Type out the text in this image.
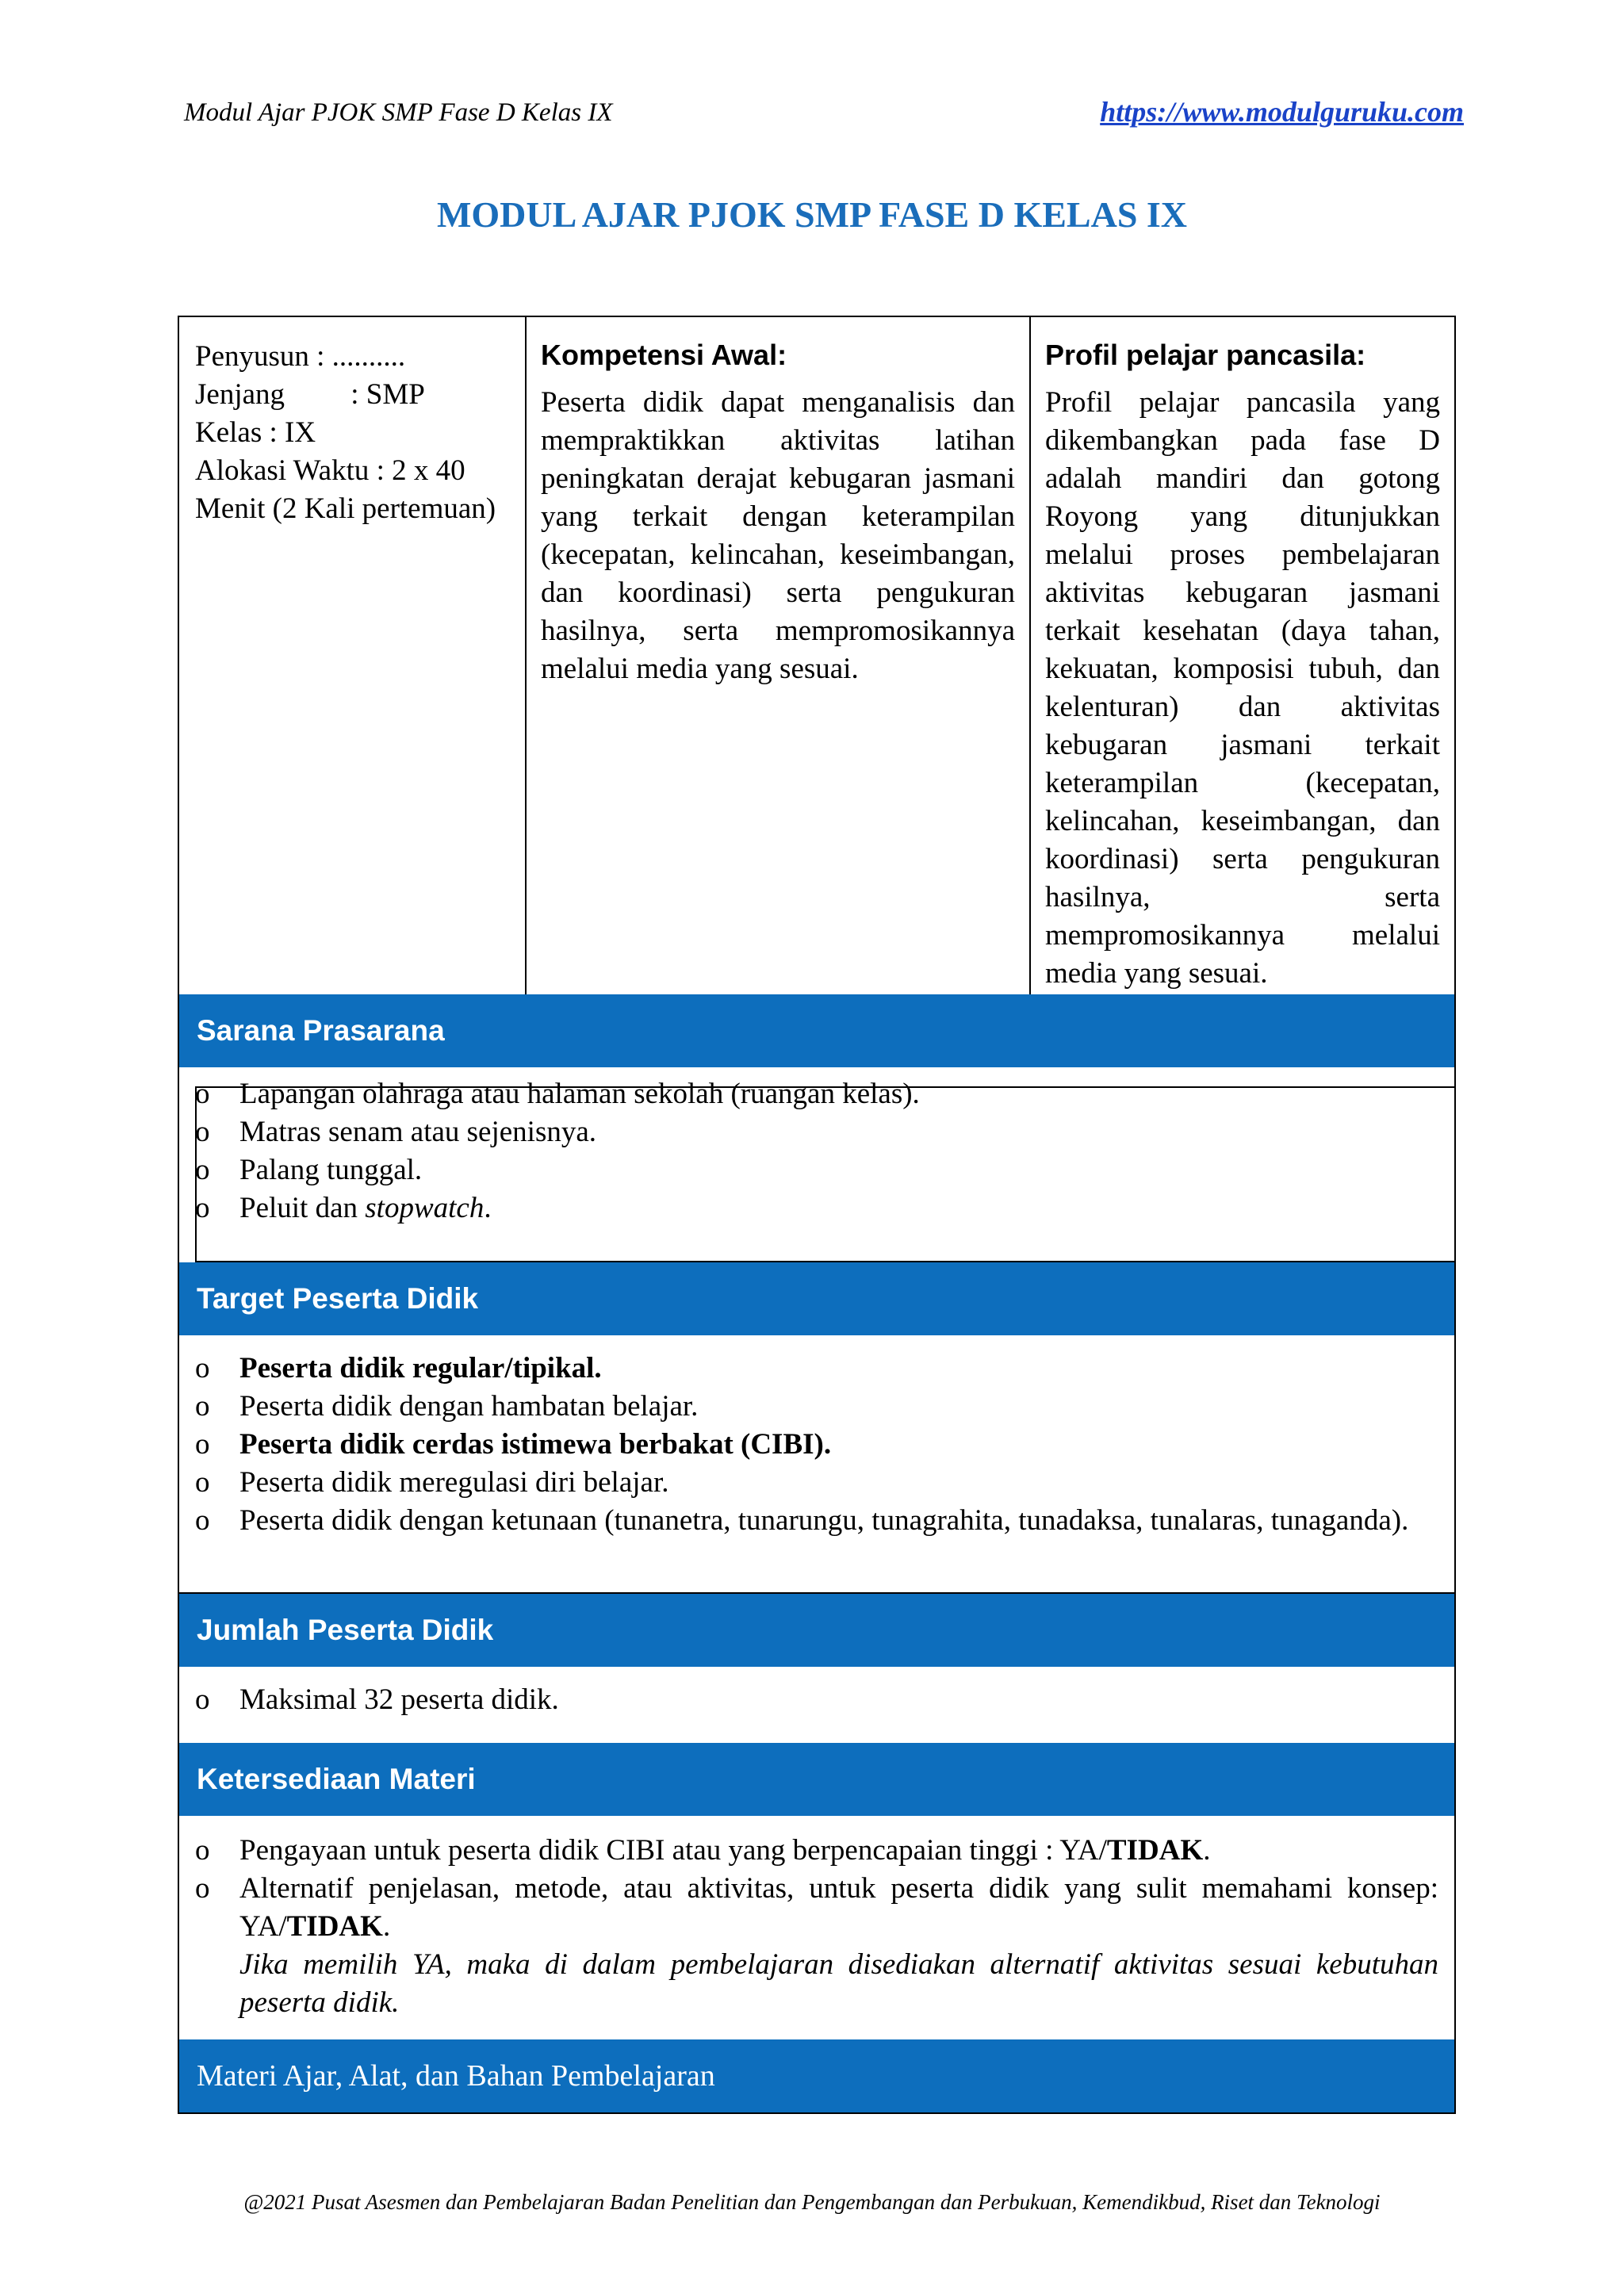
Modul Ajar PJOK SMP Fase D Kelas IX	https://www.modulguruku.com
MODUL AJAR PJOK SMP FASE D KELAS IX
Penyusun : ..........
Jenjang         : SMP
Kelas : IX
Alokasi Waktu : 2 x 40 Menit (2 Kali pertemuan)
Kompetensi Awal:
Peserta didik dapat menganalisis dan mempraktikkan aktivitas latihan peningkatan derajat kebugaran jasmani yang terkait dengan keterampilan (kecepatan, kelincahan, keseimbangan, dan koordinasi) serta pengukuran hasilnya, serta mempromosikannya melalui media yang sesuai.
Profil pelajar pancasila:
Profil pelajar pancasila yang dikembangkan pada fase D adalah mandiri dan gotong Royong yang ditunjukkan melalui proses pembelajaran aktivitas kebugaran jasmani terkait kesehatan (daya tahan, kekuatan, komposisi tubuh, dan kelenturan) dan aktivitas kebugaran jasmani terkait keterampilan (kecepatan, kelincahan, keseimbangan, dan koordinasi) serta pengukuran hasilnya, serta mempromosikannya melalui media yang sesuai.
Sarana Prasarana
o Lapangan olahraga atau halaman sekolah (ruangan kelas).
o Matras senam atau sejenisnya.
o Palang tunggal.
o Peluit dan stopwatch.
Target Peserta Didik
o Peserta didik regular/tipikal.
o Peserta didik dengan hambatan belajar.
o Peserta didik cerdas istimewa berbakat (CIBI).
o Peserta didik meregulasi diri belajar.
o Peserta didik dengan ketunaan (tunanetra, tunarungu, tunagrahita, tunadaksa, tunalaras, tunaganda).
Jumlah Peserta Didik
o Maksimal 32 peserta didik.
Ketersediaan Materi
o Pengayaan untuk peserta didik CIBI atau yang berpencapaian tinggi : YA/TIDAK.
o Alternatif penjelasan, metode, atau aktivitas, untuk peserta didik yang sulit memahami konsep: YA/TIDAK.
Jika memilih YA, maka di dalam pembelajaran disediakan alternatif aktivitas sesuai kebutuhan peserta didik.
Materi Ajar, Alat, dan Bahan Pembelajaran
@2021 Pusat Asesmen dan Pembelajaran Badan Penelitian dan Pengembangan dan Perbukuan, Kemendikbud, Riset dan Teknologi
